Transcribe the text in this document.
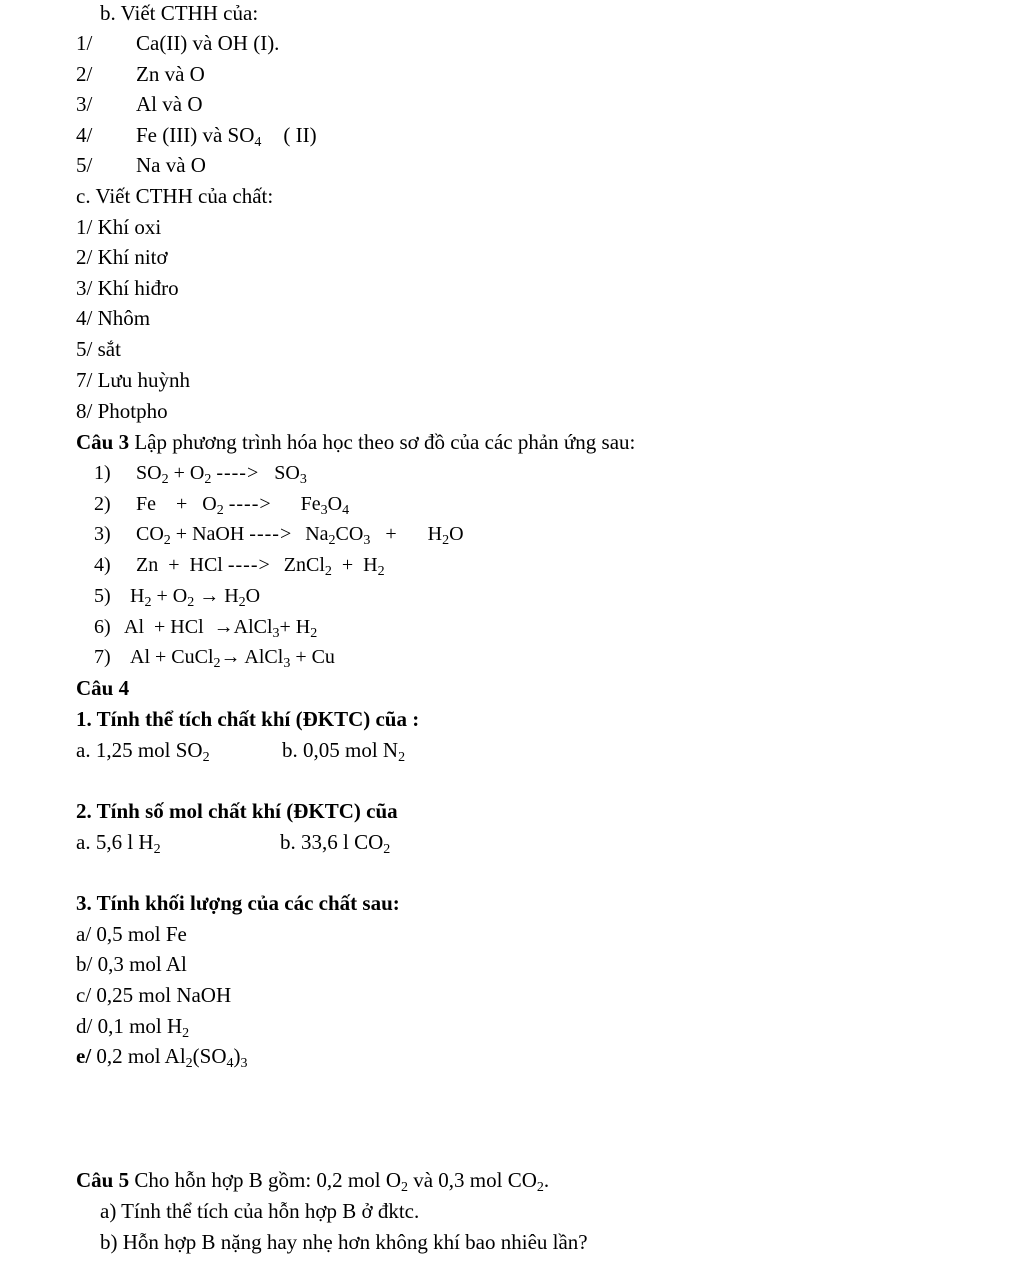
b. Viết CTHH của:
1/ Ca(II) và OH (I).
2/ Zn và O
3/ Al và O
4/ Fe (III) và $SO_4$ ( II)
5/ Na và O
c. Viết CTHH của chất:
1/ Khí oxi
2/ Khí nitơ
3/ Khí hiđro
4/ Nhôm
5/ sắt
7/ Lưu huỳnh
8/ Photpho
Câu 3 Lập phương trình hóa học theo sơ đồ của các phản ứng sau:
1) $SO_2 + O_2$ ----> $SO_3$
2) Fe    +   $O_2$ ----> $Fe_3O_4$
3) $CO_2$ + NaOH ----> $Na_2CO_3 + H_2O$
4) Zn  +  HCl ----> ZnCl$_2$  +  $H_2$
5) $H_2 + O_2 \to H_2O$
6) Al  + HCl  →AlCl$_3$+ $H_2$
7) Al + CuCl$_2$→ AlCl$_3$ + Cu
Câu 4
1. Tính thể tích chất khí (ĐKTC) cũa :
a. 1,25 mol $SO_2$	b. 0,05 mol $N_2$
2. Tính số mol chất khí (ĐKTC) cũa
a. 5,6 l $H_2$	b. 33,6 l $CO_2$
3. Tính khối lượng của các chất sau:
a/ 0,5 mol Fe
b/ 0,3 mol Al
c/ 0,25 mol NaOH
d/ 0,1 mol $H_2$
e/ 0,2 mol $Al_2(SO_4)_3$
Câu 5 Cho hỗn hợp B gồm: 0,2 mol $O_2$ và 0,3 mol $CO_2$.
a) Tính thể tích của hỗn hợp B ở đktc.
b) Hỗn hợp B nặng hay nhẹ hơn không khí bao nhiêu lần?
